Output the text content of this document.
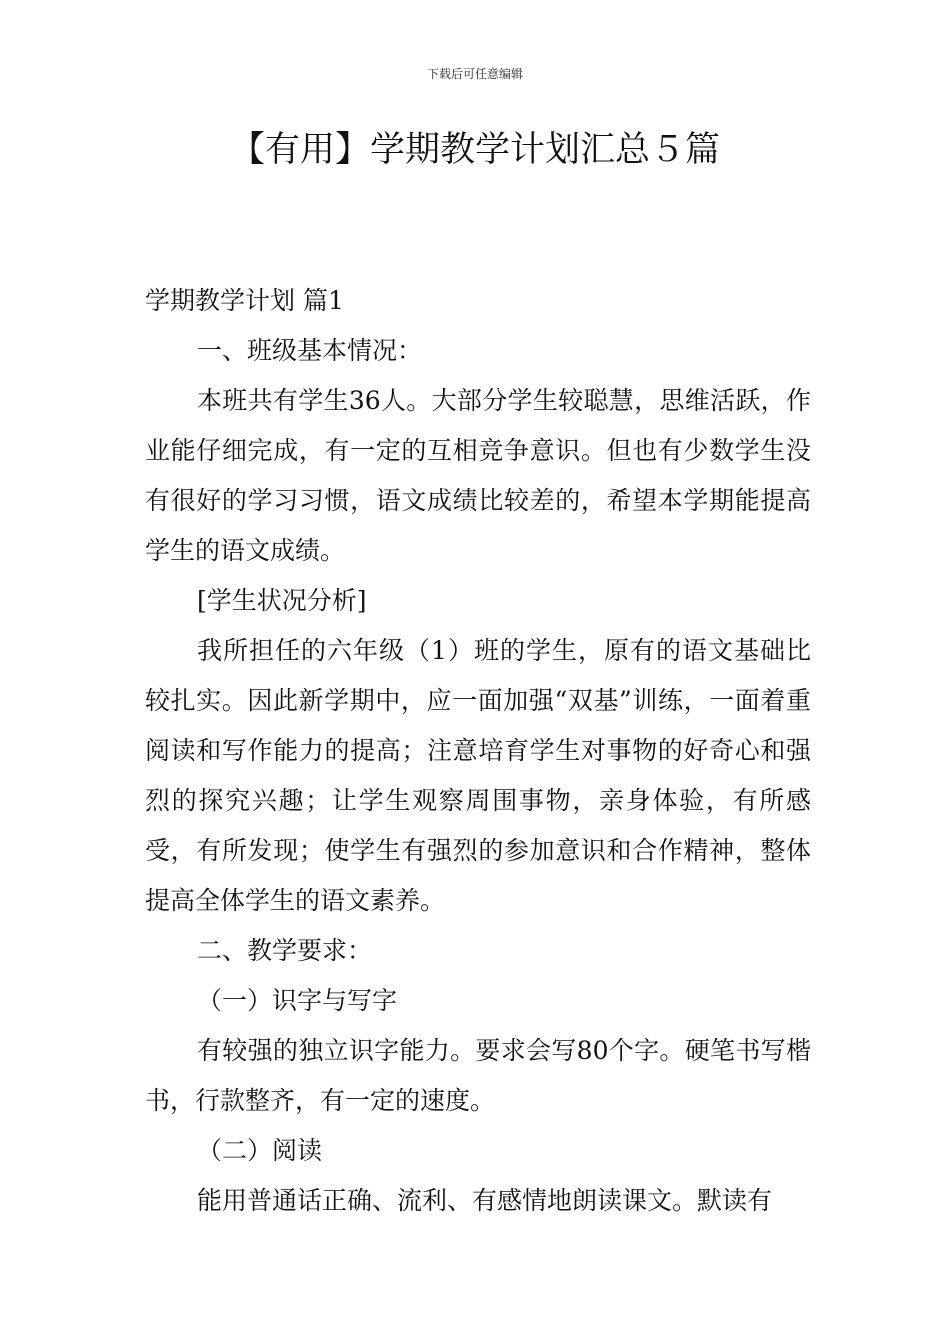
下载后可任意编辑
【有用】学期教学计划汇总５篇

学期教学计划 篇1

一、班级基本情况：

本班共有学生36人。大部分学生较聪慧，思维活跃，作业能仔细完成，有一定的互相竞争意识。但也有少数学生没有很好的学习习惯，语文成绩比较差的，希望本学期能提高学生的语文成绩。

[学生状况分析]

我所担任的六年级（1）班的学生，原有的语文基础比较扎实。因此新学期中，应一面加强“双基”训练，一面着重阅读和写作能力的提高；注意培育学生对事物的好奇心和强烈的探究兴趣；让学生观察周围事物，亲身体验，有所感受，有所发现；使学生有强烈的参加意识和合作精神，整体提高全体学生的语文素养。

二、教学要求：

（一）识字与写字

有较强的独立识字能力。要求会写80个字。硬笔书写楷书，行款整齐，有一定的速度。

（二）阅读

能用普通话正确、流利、有感情地朗读课文。默读有
